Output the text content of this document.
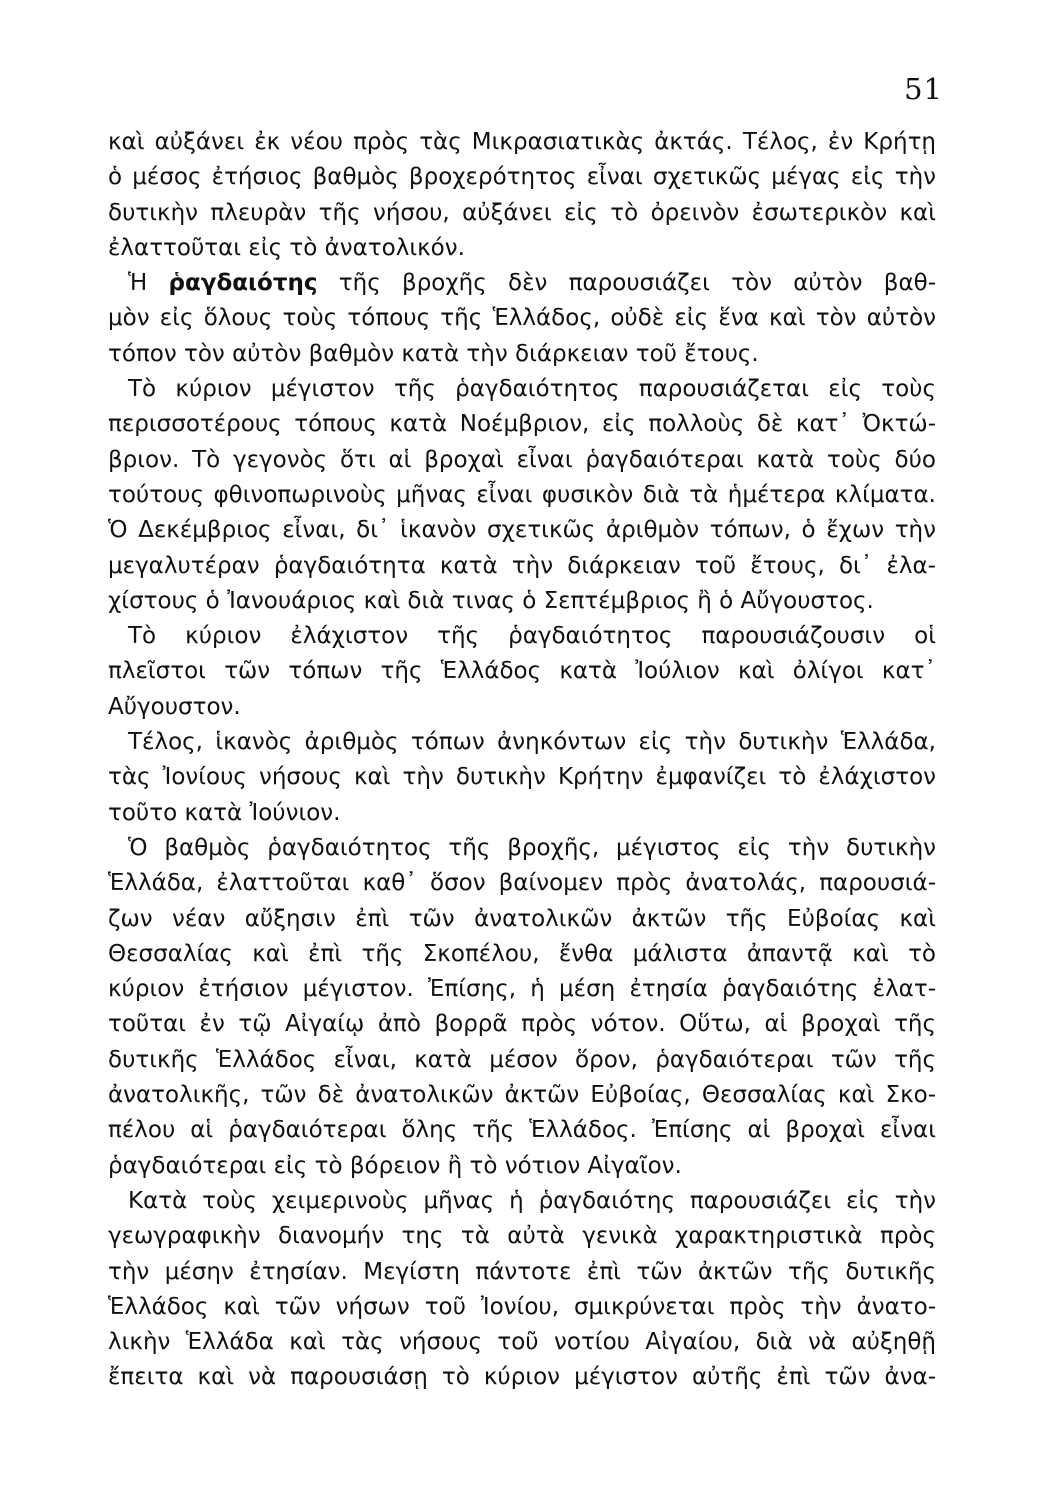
51
καὶ αὐξάνει ἐκ νέου πρὸς τὰς Μικρασιατικὰς ἀκτάς. Τέλος, ἐν Κρήτῃ
ὁ μέσος ἐτήσιος βαθμὸς βροχερότητος εἶναι σχετικῶς μέγας εἰς τὴν
δυτικὴν πλευρὰν τῆς νήσου, αὐξάνει εἰς τὸ ὀρεινὸν ἐσωτερικὸν καὶ
ἐλαττοῦται εἰς τὸ ἀνατολικόν.
Ἡ ῥαγδαιότης τῆς βροχῆς δὲν παρουσιάζει τὸν αὐτὸν βαθ-
μὸν εἰς ὅλους τοὺς τόπους τῆς Ἑλλάδος, οὐδὲ εἰς ἕνα καὶ τὸν αὐτὸν
τόπον τὸν αὐτὸν βαθμὸν κατὰ τὴν διάρκειαν τοῦ ἔτους.
Τὸ κύριον μέγιστον τῆς ῥαγδαιότητος παρουσιάζεται εἰς τοὺς
περισσοτέρους τόπους κατὰ Νοέμβριον, εἰς πολλοὺς δὲ κατ᾽ Ὀκτώ-
βριον. Τὸ γεγονὸς ὅτι αἱ βροχαὶ εἶναι ῥαγδαιότεραι κατὰ τοὺς δύο
τούτους φθινοπωρινοὺς μῆνας εἶναι φυσικὸν διὰ τὰ ἡμέτερα κλίματα.
Ὁ Δεκέμβριος εἶναι, δι᾽ ἱκανὸν σχετικῶς ἀριθμὸν τόπων, ὁ ἔχων τὴν
μεγαλυτέραν ῥαγδαιότητα κατὰ τὴν διάρκειαν τοῦ ἔτους, δι᾽ ἐλα-
χίστους ὁ Ἰανουάριος καὶ διὰ τινας ὁ Σεπτέμβριος ἢ ὁ Αὔγουστος.
Τὸ κύριον ἐλάχιστον τῆς ῥαγδαιότητος παρουσιάζουσιν οἱ
πλεῖστοι τῶν τόπων τῆς Ἑλλάδος κατὰ Ἰούλιον καὶ ὀλίγοι κατ᾽
Αὔγουστον.
Τέλος, ἱκανὸς ἀριθμὸς τόπων ἀνηκόντων εἰς τὴν δυτικὴν Ἑλλάδα,
τὰς Ἰονίους νήσους καὶ τὴν δυτικὴν Κρήτην ἐμφανίζει τὸ ἐλάχιστον
τοῦτο κατὰ Ἰούνιον.
Ὁ βαθμὸς ῥαγδαιότητος τῆς βροχῆς, μέγιστος εἰς τὴν δυτικὴν
Ἑλλάδα, ἐλαττοῦται καθ᾽ ὅσον βαίνομεν πρὸς ἀνατολάς, παρουσιά-
ζων νέαν αὔξησιν ἐπὶ τῶν ἀνατολικῶν ἀκτῶν τῆς Εὐβοίας καὶ
Θεσσαλίας καὶ ἐπὶ τῆς Σκοπέλου, ἔνθα μάλιστα ἀπαντᾷ καὶ τὸ
κύριον ἐτήσιον μέγιστον. Ἐπίσης, ἡ μέση ἐτησία ῥαγδαιότης ἐλατ-
τοῦται ἐν τῷ Αἰγαίῳ ἀπὸ βορρᾶ πρὸς νότον. Οὕτω, αἱ βροχαὶ τῆς
δυτικῆς Ἑλλάδος εἶναι, κατὰ μέσον ὅρον, ῥαγδαιότεραι τῶν τῆς
ἀνατολικῆς, τῶν δὲ ἀνατολικῶν ἀκτῶν Εὐβοίας, Θεσσαλίας καὶ Σκο-
πέλου αἱ ῥαγδαιότεραι ὅλης τῆς Ἑλλάδος. Ἐπίσης αἱ βροχαὶ εἶναι
ῥαγδαιότεραι εἰς τὸ βόρειον ἢ τὸ νότιον Αἰγαῖον.
Κατὰ τοὺς χειμερινοὺς μῆνας ἡ ῥαγδαιότης παρουσιάζει εἰς τὴν
γεωγραφικὴν διανομήν της τὰ αὐτὰ γενικὰ χαρακτηριστικὰ πρὸς
τὴν μέσην ἐτησίαν. Μεγίστη πάντοτε ἐπὶ τῶν ἀκτῶν τῆς δυτικῆς
Ἑλλάδος καὶ τῶν νήσων τοῦ Ἰονίου, σμικρύνεται πρὸς τὴν ἀνατο-
λικὴν Ἑλλάδα καὶ τὰς νήσους τοῦ νοτίου Αἰγαίου, διὰ νὰ αὐξηθῇ
ἔπειτα καὶ νὰ παρουσιάσῃ τὸ κύριον μέγιστον αὐτῆς ἐπὶ τῶν ἀνα-
